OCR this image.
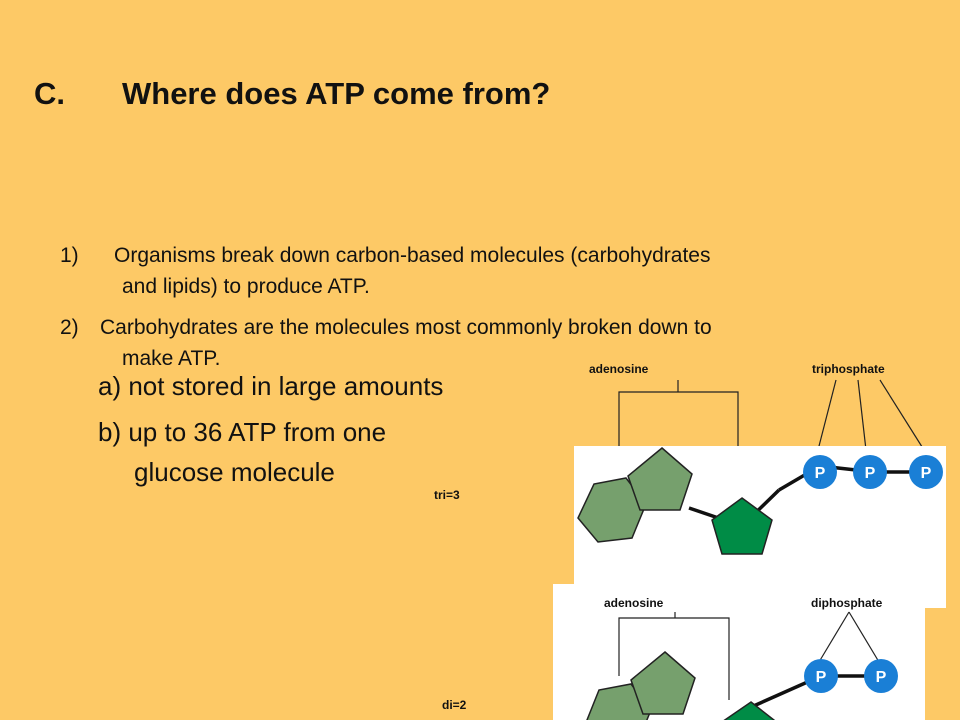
C. Where does ATP come from?
1)	Organisms break down carbon-based molecules (carbohydrates
and lipids) to produce ATP.
2)	Carbohydrates are the molecules most commonly broken down to
make ATP.
a) not stored in large amounts
b) up to 36 ATP from one
glucose molecule
tri=3
di=2
adenosine	triphosphate
P P	P
adenosine	diphosphate
P	P
